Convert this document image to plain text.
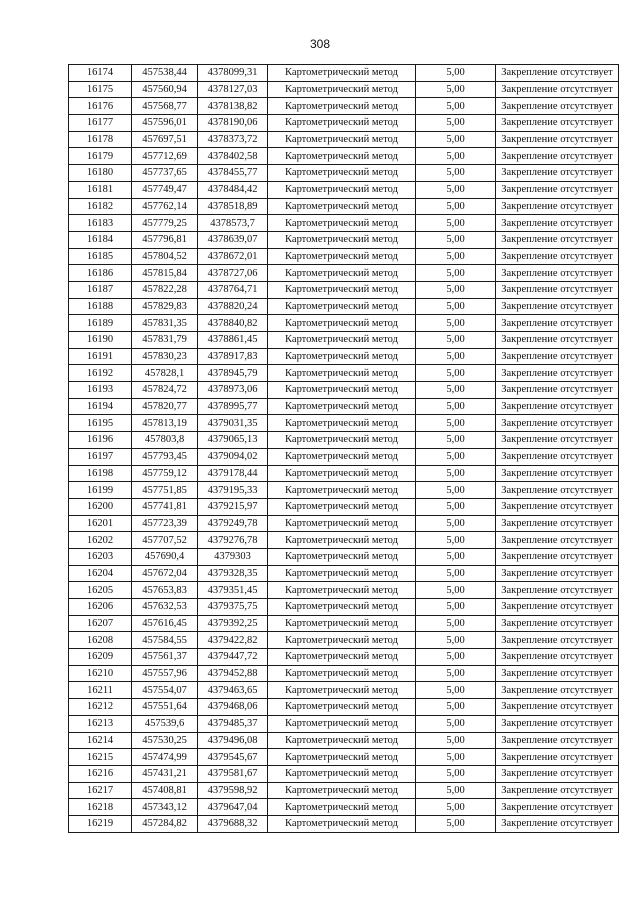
308
16174	457538,44	4378099,31	Картометрический метод	5,00	Закрепление отсутствует
16175	457560,94	4378127,03	Картометрический метод	5,00	Закрепление отсутствует
16176	457568,77	4378138,82	Картометрический метод	5,00	Закрепление отсутствует
16177	457596,01	4378190,06	Картометрический метод	5,00	Закрепление отсутствует
16178	457697,51	4378373,72	Картометрический метод	5,00	Закрепление отсутствует
16179	457712,69	4378402,58	Картометрический метод	5,00	Закрепление отсутствует
16180	457737,65	4378455,77	Картометрический метод	5,00	Закрепление отсутствует
16181	457749,47	4378484,42	Картометрический метод	5,00	Закрепление отсутствует
16182	457762,14	4378518,89	Картометрический метод	5,00	Закрепление отсутствует
16183	457779,25	4378573,7	Картометрический метод	5,00	Закрепление отсутствует
16184	457796,81	4378639,07	Картометрический метод	5,00	Закрепление отсутствует
16185	457804,52	4378672,01	Картометрический метод	5,00	Закрепление отсутствует
16186	457815,84	4378727,06	Картометрический метод	5,00	Закрепление отсутствует
16187	457822,28	4378764,71	Картометрический метод	5,00	Закрепление отсутствует
16188	457829,83	4378820,24	Картометрический метод	5,00	Закрепление отсутствует
16189	457831,35	4378840,82	Картометрический метод	5,00	Закрепление отсутствует
16190	457831,79	4378861,45	Картометрический метод	5,00	Закрепление отсутствует
16191	457830,23	4378917,83	Картометрический метод	5,00	Закрепление отсутствует
16192	457828,1	4378945,79	Картометрический метод	5,00	Закрепление отсутствует
16193	457824,72	4378973,06	Картометрический метод	5,00	Закрепление отсутствует
16194	457820,77	4378995,77	Картометрический метод	5,00	Закрепление отсутствует
16195	457813,19	4379031,35	Картометрический метод	5,00	Закрепление отсутствует
16196	457803,8	4379065,13	Картометрический метод	5,00	Закрепление отсутствует
16197	457793,45	4379094,02	Картометрический метод	5,00	Закрепление отсутствует
16198	457759,12	4379178,44	Картометрический метод	5,00	Закрепление отсутствует
16199	457751,85	4379195,33	Картометрический метод	5,00	Закрепление отсутствует
16200	457741,81	4379215,97	Картометрический метод	5,00	Закрепление отсутствует
16201	457723,39	4379249,78	Картометрический метод	5,00	Закрепление отсутствует
16202	457707,52	4379276,78	Картометрический метод	5,00	Закрепление отсутствует
16203	457690,4	4379303	Картометрический метод	5,00	Закрепление отсутствует
16204	457672,04	4379328,35	Картометрический метод	5,00	Закрепление отсутствует
16205	457653,83	4379351,45	Картометрический метод	5,00	Закрепление отсутствует
16206	457632,53	4379375,75	Картометрический метод	5,00	Закрепление отсутствует
16207	457616,45	4379392,25	Картометрический метод	5,00	Закрепление отсутствует
16208	457584,55	4379422,82	Картометрический метод	5,00	Закрепление отсутствует
16209	457561,37	4379447,72	Картометрический метод	5,00	Закрепление отсутствует
16210	457557,96	4379452,88	Картометрический метод	5,00	Закрепление отсутствует
16211	457554,07	4379463,65	Картометрический метод	5,00	Закрепление отсутствует
16212	457551,64	4379468,06	Картометрический метод	5,00	Закрепление отсутствует
16213	457539,6	4379485,37	Картометрический метод	5,00	Закрепление отсутствует
16214	457530,25	4379496,08	Картометрический метод	5,00	Закрепление отсутствует
16215	457474,99	4379545,67	Картометрический метод	5,00	Закрепление отсутствует
16216	457431,21	4379581,67	Картометрический метод	5,00	Закрепление отсутствует
16217	457408,81	4379598,92	Картометрический метод	5,00	Закрепление отсутствует
16218	457343,12	4379647,04	Картометрический метод	5,00	Закрепление отсутствует
16219	457284,82	4379688,32	Картометрический метод	5,00	Закрепление отсутствует
